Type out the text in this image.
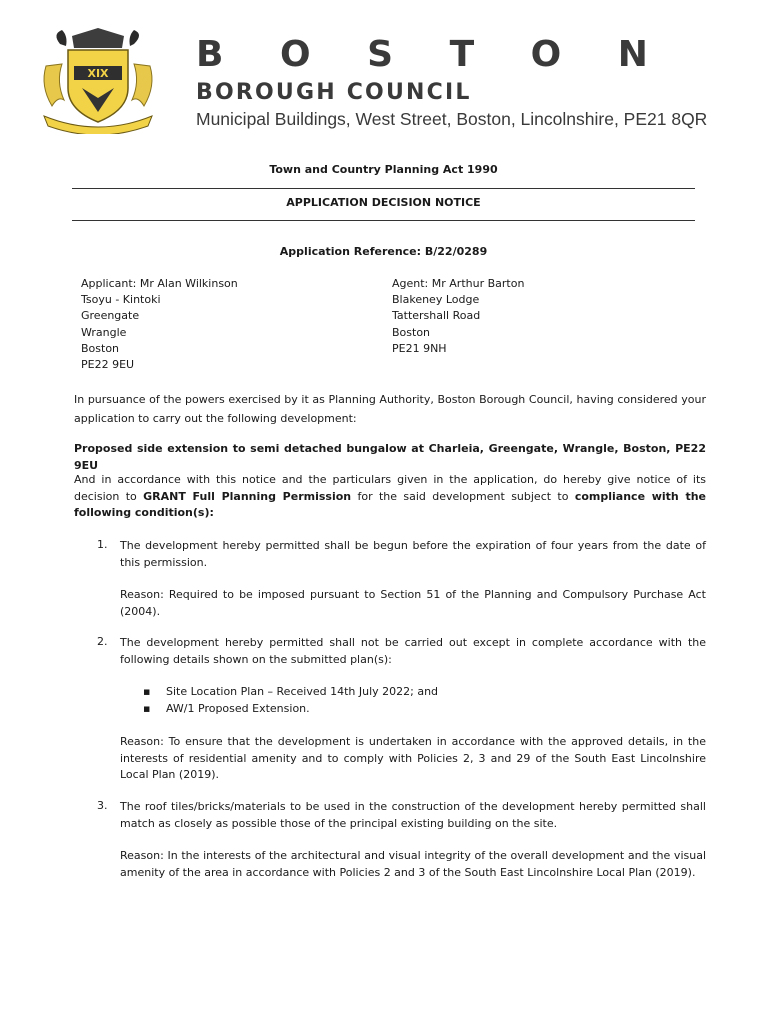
XIX B O S T O N
BOROUGH COUNCIL
Municipal Buildings, West Street, Boston, Lincolnshire, PE21 8QR
Town and Country Planning Act 1990
APPLICATION DECISION NOTICE
Application Reference: B/22/0289
Applicant: Mr Alan Wilkinson
Tsoyu - Kintoki
Greengate
Wrangle
Boston
PE22 9EU
Agent: Mr Arthur Barton
Blakeney Lodge
Tattershall Road
Boston
PE21 9NH
In pursuance of the powers exercised by it as Planning Authority, Boston Borough Council, having considered your application to carry out the following development:
Proposed side extension to semi detached bungalow at Charleia, Greengate, Wrangle, Boston, PE22 9EU
And in accordance with this notice and the particulars given in the application, do hereby give notice of its decision to GRANT Full Planning Permission for the said development subject to compliance with the following condition(s):
1. The development hereby permitted shall be begun before the expiration of four years from the date of this permission.
Reason: Required to be imposed pursuant to Section 51 of the Planning and Compulsory Purchase Act (2004).
2. The development hereby permitted shall not be carried out except in complete accordance with the following details shown on the submitted plan(s):
▪ Site Location Plan – Received 14th July 2022; and
▪ AW/1 Proposed Extension.
Reason: To ensure that the development is undertaken in accordance with the approved details, in the interests of residential amenity and to comply with Policies 2, 3 and 29 of the South East Lincolnshire Local Plan (2019).
3. The roof tiles/bricks/materials to be used in the construction of the development hereby permitted shall match as closely as possible those of the principal existing building on the site.
Reason: In the interests of the architectural and visual integrity of the overall development and the visual amenity of the area in accordance with Policies 2 and 3 of the South East Lincolnshire Local Plan (2019).
